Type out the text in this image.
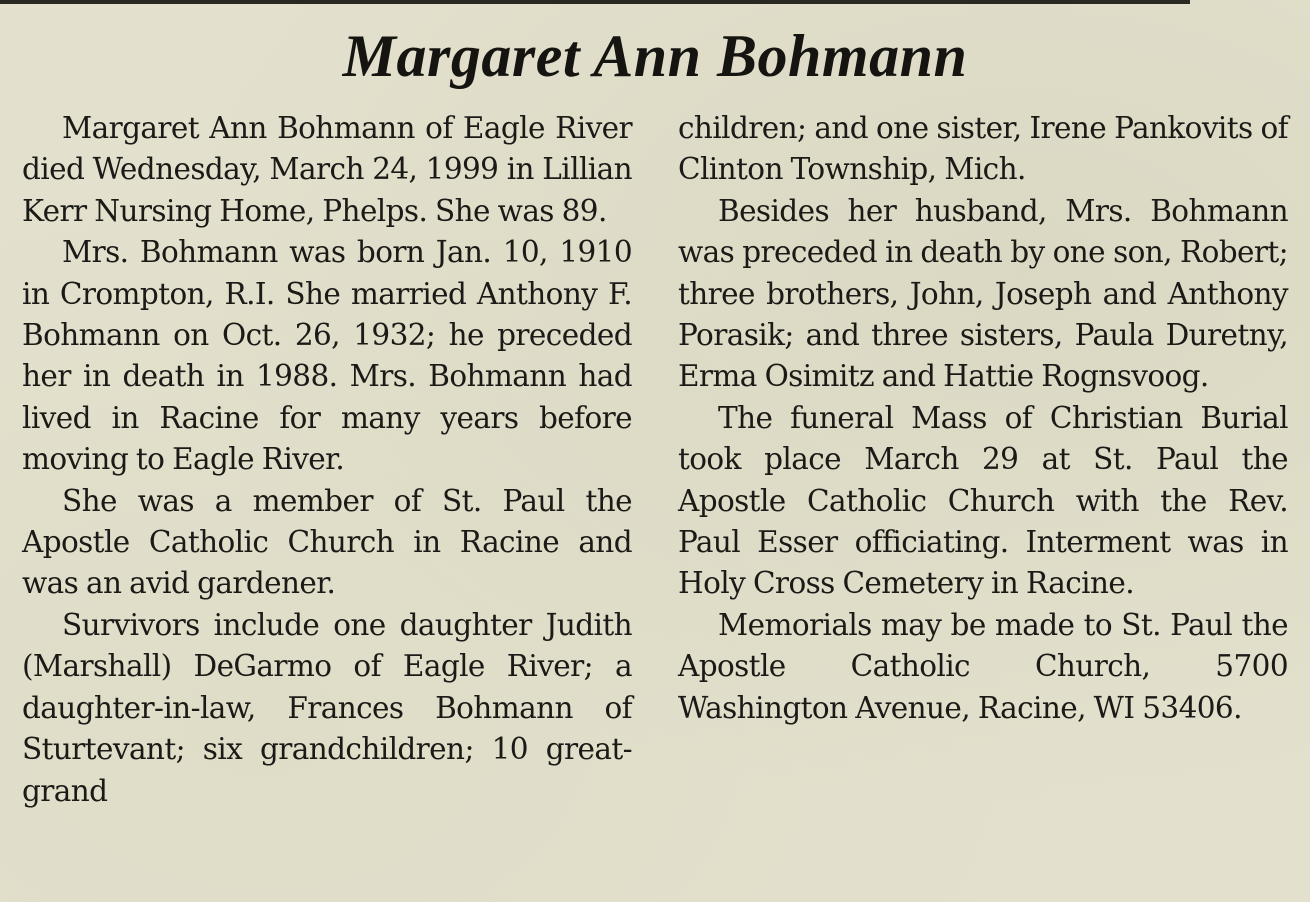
Margaret Ann Bohmann

Margaret Ann Bohmann of Eagle River died Wednesday, March 24, 1999 in Lillian Kerr Nursing Home, Phelps. She was 89.

Mrs. Bohmann was born Jan. 10, 1910 in Crompton, R.I. She married Anthony F. Bohmann on Oct. 26, 1932; he preceded her in death in 1988. Mrs. Bohmann had lived in Racine for many years before moving to Eagle River.

She was a member of St. Paul the Apostle Catholic Church in Racine and was an avid gardener.

Survivors include one daughter Judith (Marshall) DeGarmo of Eagle River; a daughter-in-law, Frances Bohmann of Sturtevant; six grandchildren; 10 great-grand

children; and one sister, Irene Pankovits of Clinton Township, Mich.

Besides her husband, Mrs. Bohmann was preceded in death by one son, Robert; three brothers, John, Joseph and Anthony Porasik; and three sisters, Paula Duretny, Erma Osimitz and Hattie Rognsvoog.

The funeral Mass of Christian Burial took place March 29 at St. Paul the Apostle Catholic Church with the Rev. Paul Esser officiating. Interment was in Holy Cross Cemetery in Racine.

Memorials may be made to St. Paul the Apostle Catholic Church, 5700 Washington Avenue, Racine, WI 53406.
